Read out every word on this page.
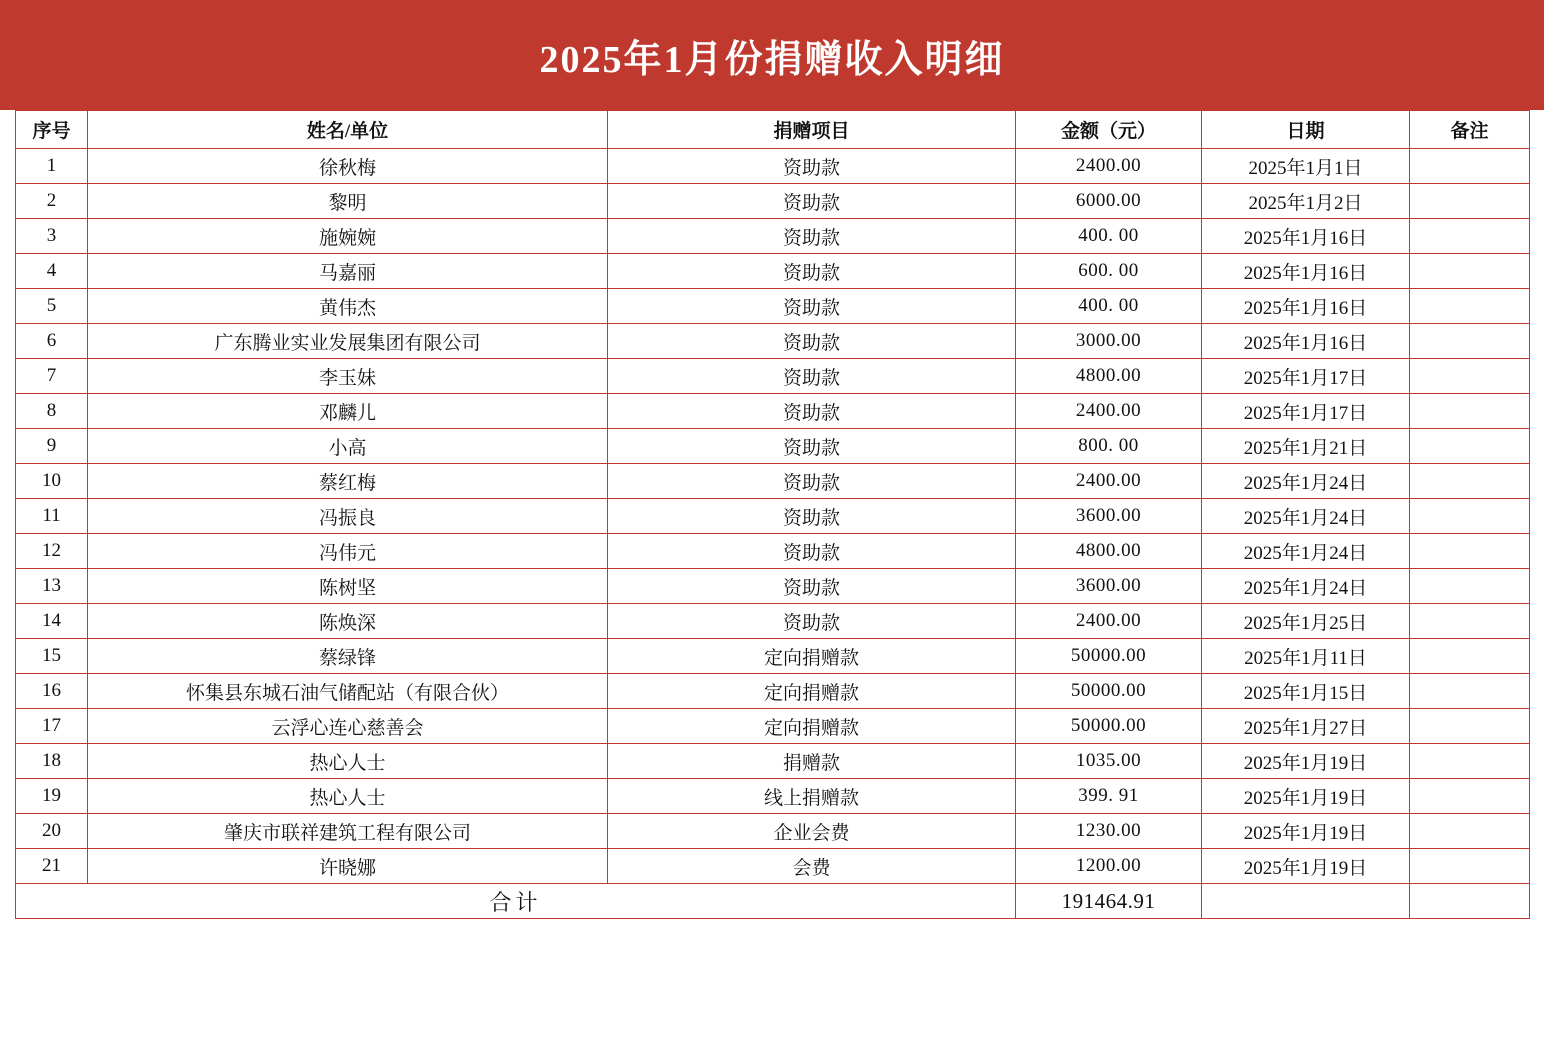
2025年1月份捐赠收入明细
序号	姓名/单位	捐赠项目	金额（元）	日期	备注
1	徐秋梅	资助款	2400.00	2025年1月1日	
2	黎明	资助款	6000.00	2025年1月2日	
3	施婉婉	资助款	400. 00	2025年1月16日	
4	马嘉丽	资助款	600. 00	2025年1月16日	
5	黄伟杰	资助款	400. 00	2025年1月16日	
6	广东腾业实业发展集团有限公司	资助款	3000.00	2025年1月16日	
7	李玉妹	资助款	4800.00	2025年1月17日	
8	邓麟儿	资助款	2400.00	2025年1月17日	
9	小高	资助款	800. 00	2025年1月21日	
10	蔡红梅	资助款	2400.00	2025年1月24日	
11	冯振良	资助款	3600.00	2025年1月24日	
12	冯伟元	资助款	4800.00	2025年1月24日	
13	陈树坚	资助款	3600.00	2025年1月24日	
14	陈焕深	资助款	2400.00	2025年1月25日	
15	蔡绿锋	定向捐赠款	50000.00	2025年1月11日	
16	怀集县东城石油气储配站（有限合伙）	定向捐赠款	50000.00	2025年1月15日	
17	云浮心连心慈善会	定向捐赠款	50000.00	2025年1月27日	
18	热心人士	捐赠款	1035.00	2025年1月19日	
19	热心人士	线上捐赠款	399. 91	2025年1月19日	
20	肇庆市联祥建筑工程有限公司	企业会费	1230.00	2025年1月19日	
21	许晓娜	会费	1200.00	2025年1月19日	
合计			191464.91		
